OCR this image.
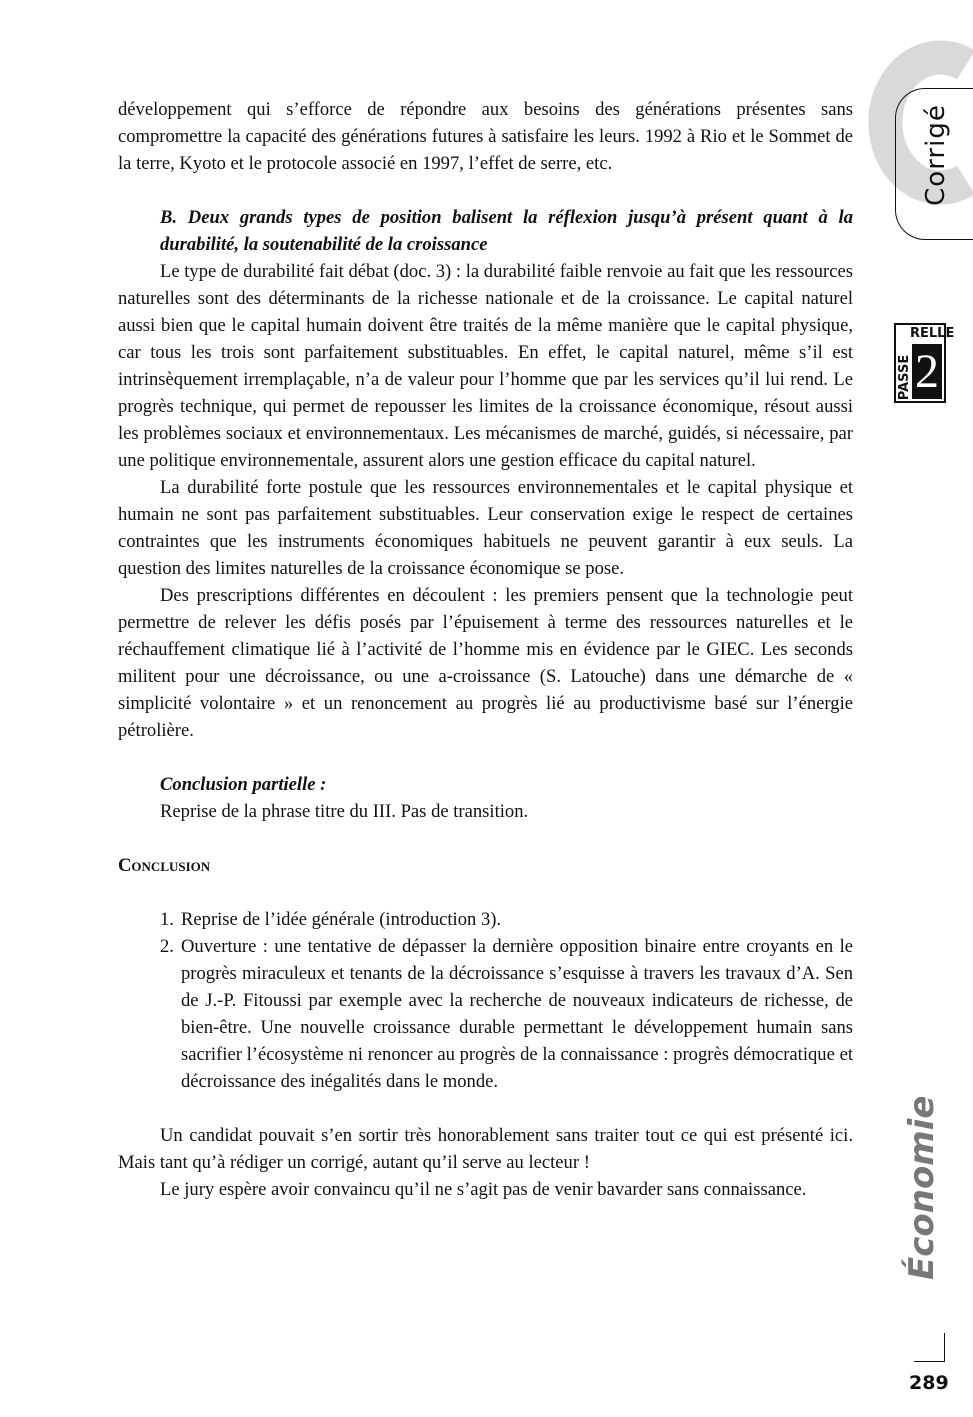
Corrigé
RELLE
PASSE 2
Économie
289

développement qui s’efforce de répondre aux besoins des générations présentes sans compromettre la capacité des générations futures à satisfaire les leurs. 1992 à Rio et le Sommet de la terre, Kyoto et le protocole associé en 1997, l’effet de serre, etc.

B. Deux grands types de position balisent la réflexion jusqu’à présent quant à la durabilité, la soutenabilité de la croissance

Le type de durabilité fait débat (doc. 3) : la durabilité faible renvoie au fait que les ressources naturelles sont des déterminants de la richesse nationale et de la croissance. Le capital naturel aussi bien que le capital humain doivent être traités de la même manière que le capital physique, car tous les trois sont parfaitement substituables. En effet, le capital naturel, même s’il est intrinsèquement irremplaçable, n’a de valeur pour l’homme que par les services qu’il lui rend. Le progrès technique, qui permet de repousser les limites de la croissance économique, résout aussi les problèmes sociaux et environnementaux. Les mécanismes de marché, guidés, si nécessaire, par une politique environnementale, assurent alors une gestion efficace du capital naturel.

La durabilité forte postule que les ressources environnementales et le capital physique et humain ne sont pas parfaitement substituables. Leur conservation exige le respect de certaines contraintes que les instruments économiques habituels ne peuvent garantir à eux seuls. La question des limites naturelles de la croissance économique se pose.

Des prescriptions différentes en découlent : les premiers pensent que la technologie peut permettre de relever les défis posés par l’épuisement à terme des ressources naturelles et le réchauffement climatique lié à l’activité de l’homme mis en évidence par le GIEC. Les seconds militent pour une décroissance, ou une a-croissance (S. Latouche) dans une démarche de « simplicité volontaire » et un renoncement au progrès lié au productivisme basé sur l’énergie pétrolière.

Conclusion partielle :

Reprise de la phrase titre du III. Pas de transition.

Conclusion

1. Reprise de l’idée générale (introduction 3).
2. Ouverture : une tentative de dépasser la dernière opposition binaire entre croyants en le progrès miraculeux et tenants de la décroissance s’esquisse à travers les travaux d’A. Sen de J.-P. Fitoussi par exemple avec la recherche de nouveaux indicateurs de richesse, de bien-être. Une nouvelle croissance durable permettant le développement humain sans sacrifier l’écosystème ni renoncer au progrès de la connaissance : progrès démocratique et décroissance des inégalités dans le monde.

Un candidat pouvait s’en sortir très honorablement sans traiter tout ce qui est présenté ici. Mais tant qu’à rédiger un corrigé, autant qu’il serve au lecteur !

Le jury espère avoir convaincu qu’il ne s’agit pas de venir bavarder sans connaissance.
